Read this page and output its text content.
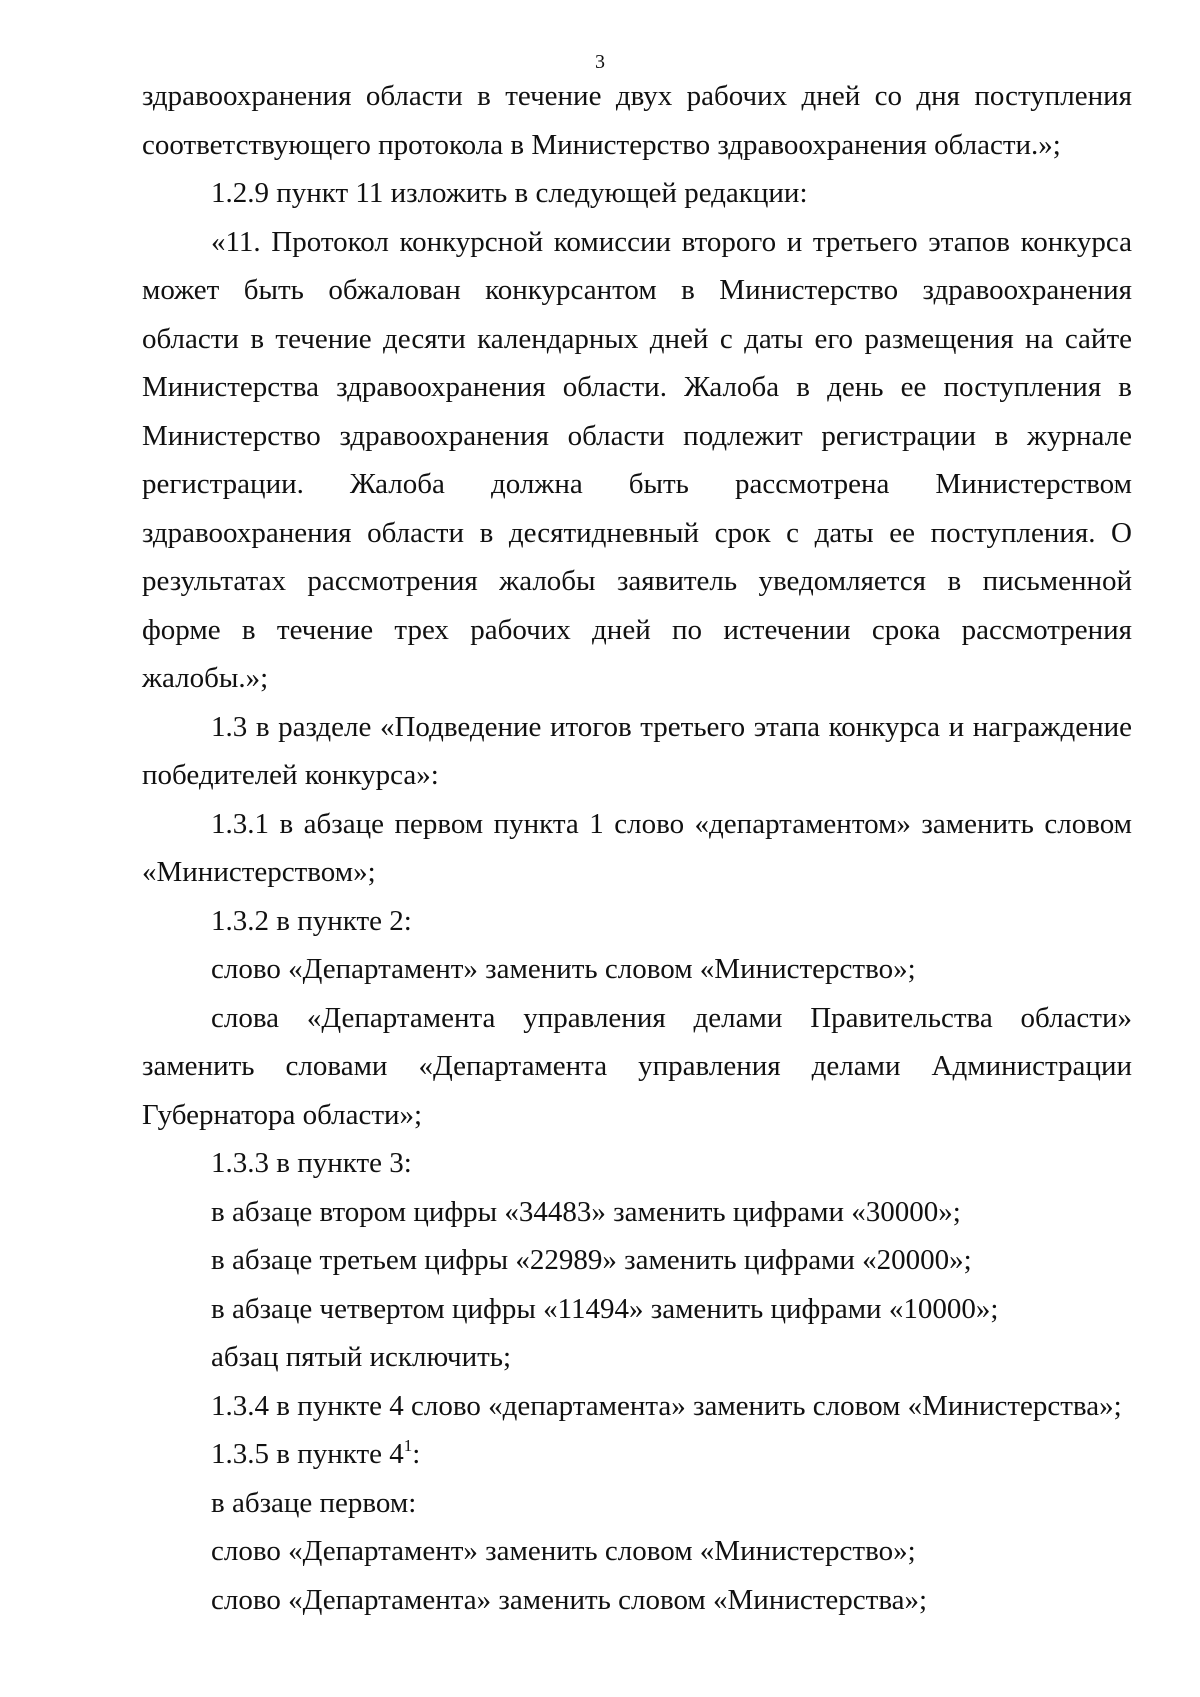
3

здравоохранения области в течение двух рабочих дней со дня поступления соответствующего протокола в Министерство здравоохранения области.»;

1.2.9 пункт 11 изложить в следующей редакции:

«11. Протокол конкурсной комиссии второго и третьего этапов конкурса может быть обжалован конкурсантом в Министерство здравоохранения области в течение десяти календарных дней с даты его размещения на сайте Министерства здравоохранения области. Жалоба в день ее поступления в Министерство здравоохранения области подлежит регистрации в журнале регистрации. Жалоба должна быть рассмотрена Министерством здравоохранения области в десятидневный срок с даты ее поступления. О результатах рассмотрения жалобы заявитель уведомляется в письменной форме в течение трех рабочих дней по истечении срока рассмотрения жалобы.»;

1.3 в разделе «Подведение итогов третьего этапа конкурса и награждение победителей конкурса»:

1.3.1 в абзаце первом пункта 1 слово «департаментом» заменить словом «Министерством»;

1.3.2 в пункте 2:

слово «Департамент» заменить словом «Министерство»;

слова «Департамента управления делами Правительства области» заменить словами «Департамента управления делами Администрации Губернатора области»;

1.3.3 в пункте 3:

в абзаце втором цифры «34483» заменить цифрами «30000»;

в абзаце третьем цифры «22989» заменить цифрами «20000»;

в абзаце четвертом цифры «11494» заменить цифрами «10000»;

абзац пятый исключить;

1.3.4 в пункте 4 слово «департамента» заменить словом «Министерства»;

1.3.5 в пункте $4^1$:

в абзаце первом:

слово «Департамент» заменить словом «Министерство»;

слово «Департамента» заменить словом «Министерства»;
